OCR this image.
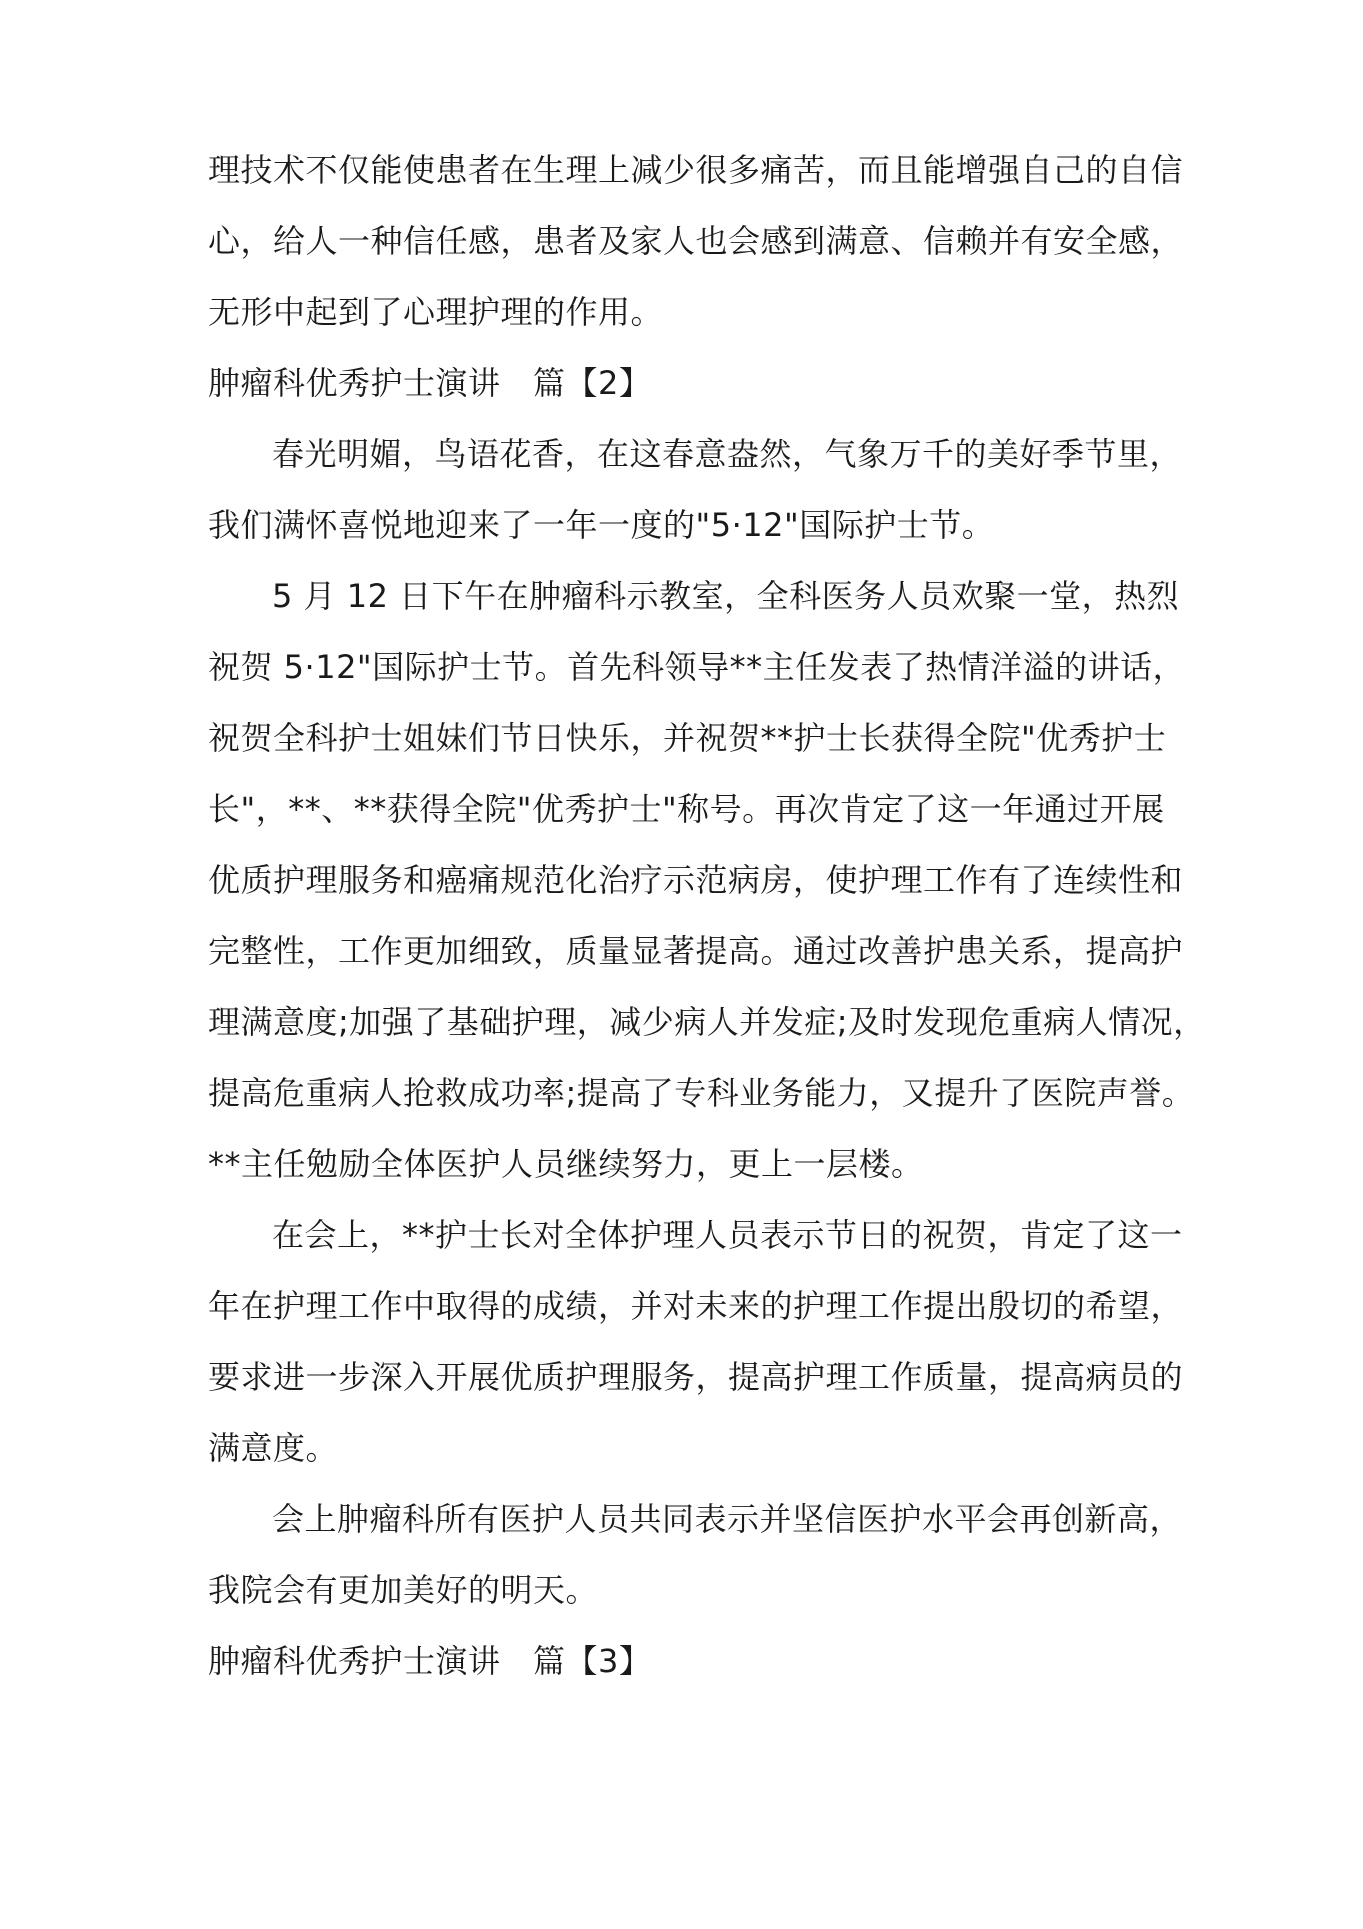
理技术不仅能使患者在生理上减少很多痛苦，而且能增强自己的自信
心，给人一种信任感，患者及家人也会感到满意、信赖并有安全感，
无形中起到了心理护理的作用。
肿瘤科优秀护士演讲　篇【2】
春光明媚，鸟语花香，在这春意盎然，气象万千的美好季节里，
我们满怀喜悦地迎来了一年一度的"5·12"国际护士节。
5 月 12 日下午在肿瘤科示教室，全科医务人员欢聚一堂，热烈
祝贺 5·12"国际护士节。首先科领导**主任发表了热情洋溢的讲话，
祝贺全科护士姐妹们节日快乐，并祝贺**护士长获得全院"优秀护士
长"，**、**获得全院"优秀护士"称号。再次肯定了这一年通过开展
优质护理服务和癌痛规范化治疗示范病房，使护理工作有了连续性和
完整性，工作更加细致，质量显著提高。通过改善护患关系，提高护
理满意度;加强了基础护理，减少病人并发症;及时发现危重病人情况，
提高危重病人抢救成功率;提高了专科业务能力，又提升了医院声誉。
**主任勉励全体医护人员继续努力，更上一层楼。
在会上，**护士长对全体护理人员表示节日的祝贺，肯定了这一
年在护理工作中取得的成绩，并对未来的护理工作提出殷切的希望，
要求进一步深入开展优质护理服务，提高护理工作质量，提高病员的
满意度。
会上肿瘤科所有医护人员共同表示并坚信医护水平会再创新高，
我院会有更加美好的明天。
肿瘤科优秀护士演讲　篇【3】
